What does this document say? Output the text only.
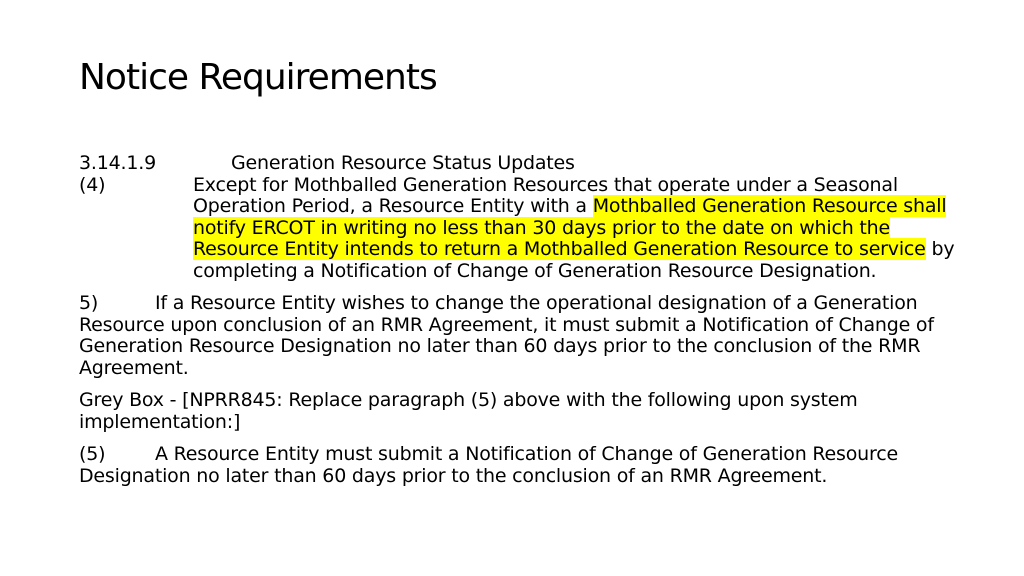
Notice Requirements
3.14.1.9	Generation Resource Status Updates
(4)	Except for Mothballed Generation Resources that operate under a Seasonal Operation Period, a Resource Entity with a Mothballed Generation Resource shall notify ERCOT in writing no less than 30 days prior to the date on which the Resource Entity intends to return a Mothballed Generation Resource to service by completing a Notification of Change of Generation Resource Designation.
5)	If a Resource Entity wishes to change the operational designation of a Generation Resource upon conclusion of an RMR Agreement, it must submit a Notification of Change of Generation Resource Designation no later than 60 days prior to the conclusion of the RMR Agreement.
Grey Box - [NPRR845: Replace paragraph (5) above with the following upon system implementation:]
(5)	A Resource Entity must submit a Notification of Change of Generation Resource Designation no later than 60 days prior to the conclusion of an RMR Agreement.
